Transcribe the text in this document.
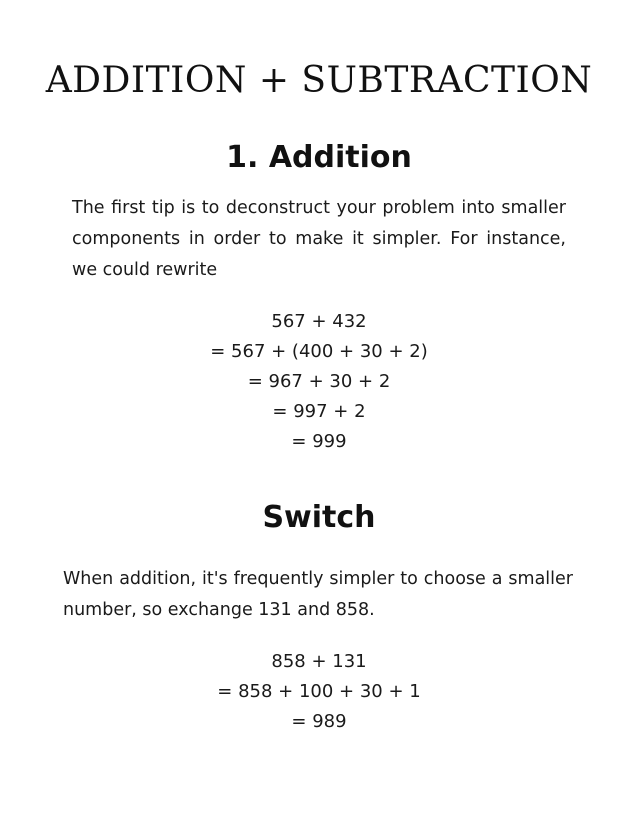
ADDITION + SUBTRACTION
1. Addition

The first tip is to deconstruct your problem into smaller components in order to make it simpler. For instance, we could rewrite

567 + 432
= 567 + (400 + 30 + 2)
= 967 + 30 + 2
= 997 + 2
= 999
Switch

When addition, it's frequently simpler to choose a smaller number, so exchange 131 and 858.

858 + 131
= 858 + 100 + 30 + 1
= 989
